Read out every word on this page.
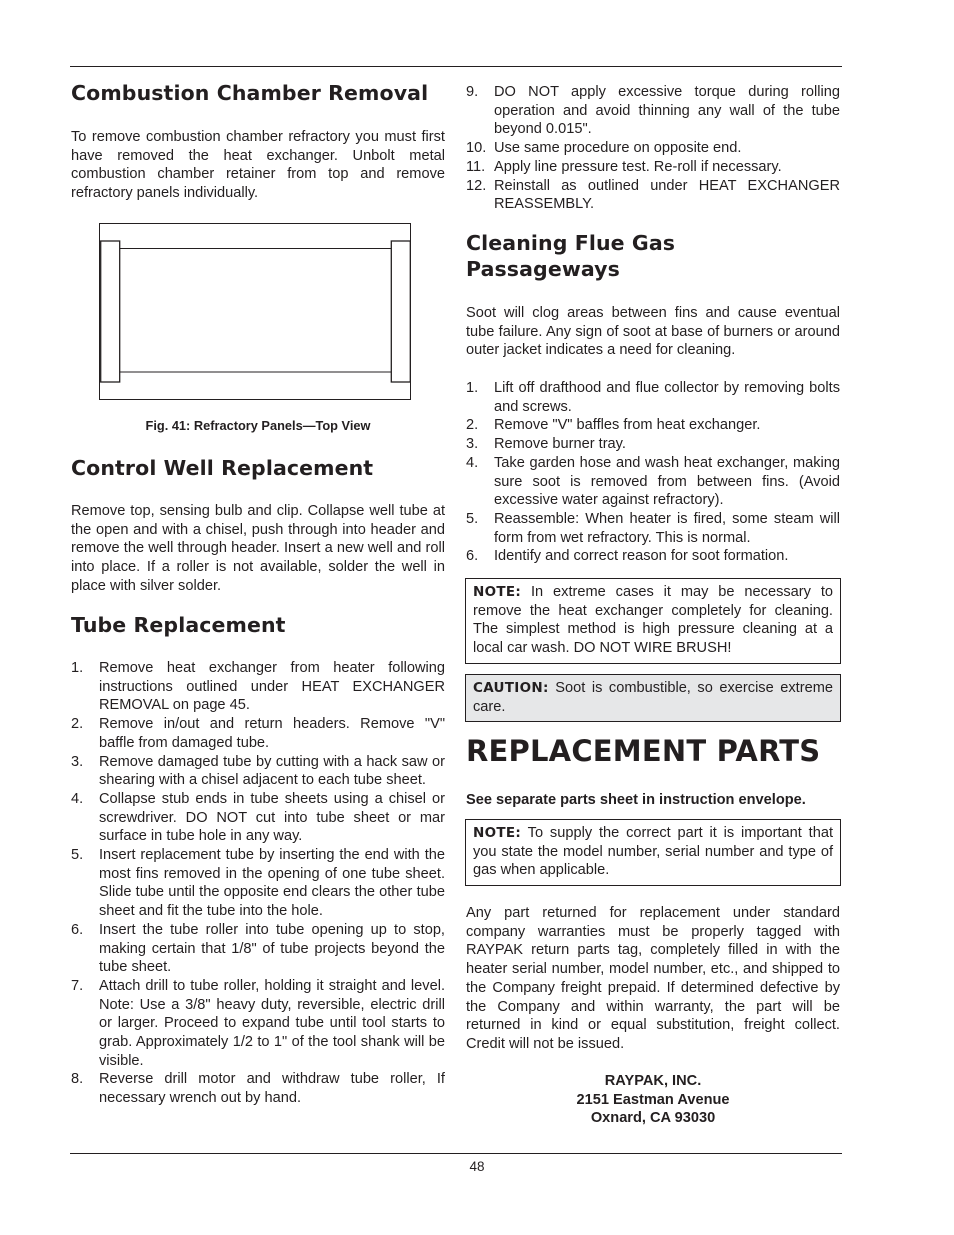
Combustion Chamber Removal

To remove combustion chamber refractory you must first have removed the heat exchanger. Unbolt metal combustion chamber retainer from top and remove refractory panels individually.

Control Well Replacement

Remove top, sensing bulb and clip. Collapse well tube at the open and with a chisel, push through into header and remove the well through header. Insert a new well and roll into place. If a roller is not available, solder the well in place with silver solder.

Tube Replacement
1. Remove heat exchanger from heater following instructions outlined under HEAT EXCHANGER REMOVAL on page 45.
2. Remove in/out and return headers. Remove "V" baffle from damaged tube.
3. Remove damaged tube by cutting with a hack saw or shearing with a chisel adjacent to each tube sheet.
4. Collapse stub ends in tube sheets using a chisel or screwdriver. DO NOT cut into tube sheet or mar surface in tube hole in any way.
5. Insert replacement tube by inserting the end with the most fins removed in the opening of one tube sheet. Slide tube until the opposite end clears the other tube sheet and fit the tube into the hole.
6. Insert the tube roller into tube opening up to stop, making certain that 1/8" of tube projects beyond the tube sheet.
7. Attach drill to tube roller, holding it straight and level. Note: Use a 3/8" heavy duty, reversible, electric drill or larger. Proceed to expand tube until tool starts to grab. Approximately 1/2 to 1" of the tool shank will be visible.
8. Reverse drill motor and withdraw tube roller, If necessary wrench out by hand.
Fig. 41: Refractory Panels—Top View
9. DO NOT apply excessive torque during rolling operation and avoid thinning any wall of the tube beyond 0.015".
10. Use same procedure on opposite end.
11. Apply line pressure test. Re-roll if necessary.
12. Reinstall as outlined under HEAT EXCHANGER REASSEMBLY.
Cleaning Flue Gas
Passageways

Soot will clog areas between fins and cause eventual tube failure. Any sign of soot at base of burners or around outer jacket indicates a need for cleaning.

1. Lift off drafthood and flue collector by removing bolts and screws.
2. Remove "V" baffles from heat exchanger.
3. Remove burner tray.
4. Take garden hose and wash heat exchanger, making sure soot is removed from between fins. (Avoid excessive water against refractory).
5. Reassemble: When heater is fired, some steam will form from wet refractory. This is normal.
6. Identify and correct reason for soot formation.
REPLACEMENT PARTS

See separate parts sheet in instruction envelope.

Any part returned for replacement under standard company warranties must be properly tagged with RAYPAK return parts tag, completely filled in with the heater serial number, model number, etc., and shipped to the Company freight prepaid. If determined defective by the Company and within warranty, the part will be returned in kind or equal substitution, freight collect. Credit will not be issued.

RAYPAK, INC.
2151 Eastman Avenue
Oxnard, CA 93030
NOTE: In extreme cases it may be necessary to remove the heat exchanger completely for cleaning. The simplest method is high pressure cleaning at a local car wash. DO NOT WIRE BRUSH!
CAUTION: Soot is combustible, so exercise extreme care.
NOTE: To supply the correct part it is important that you state the model number, serial number and type of gas when applicable.
48
